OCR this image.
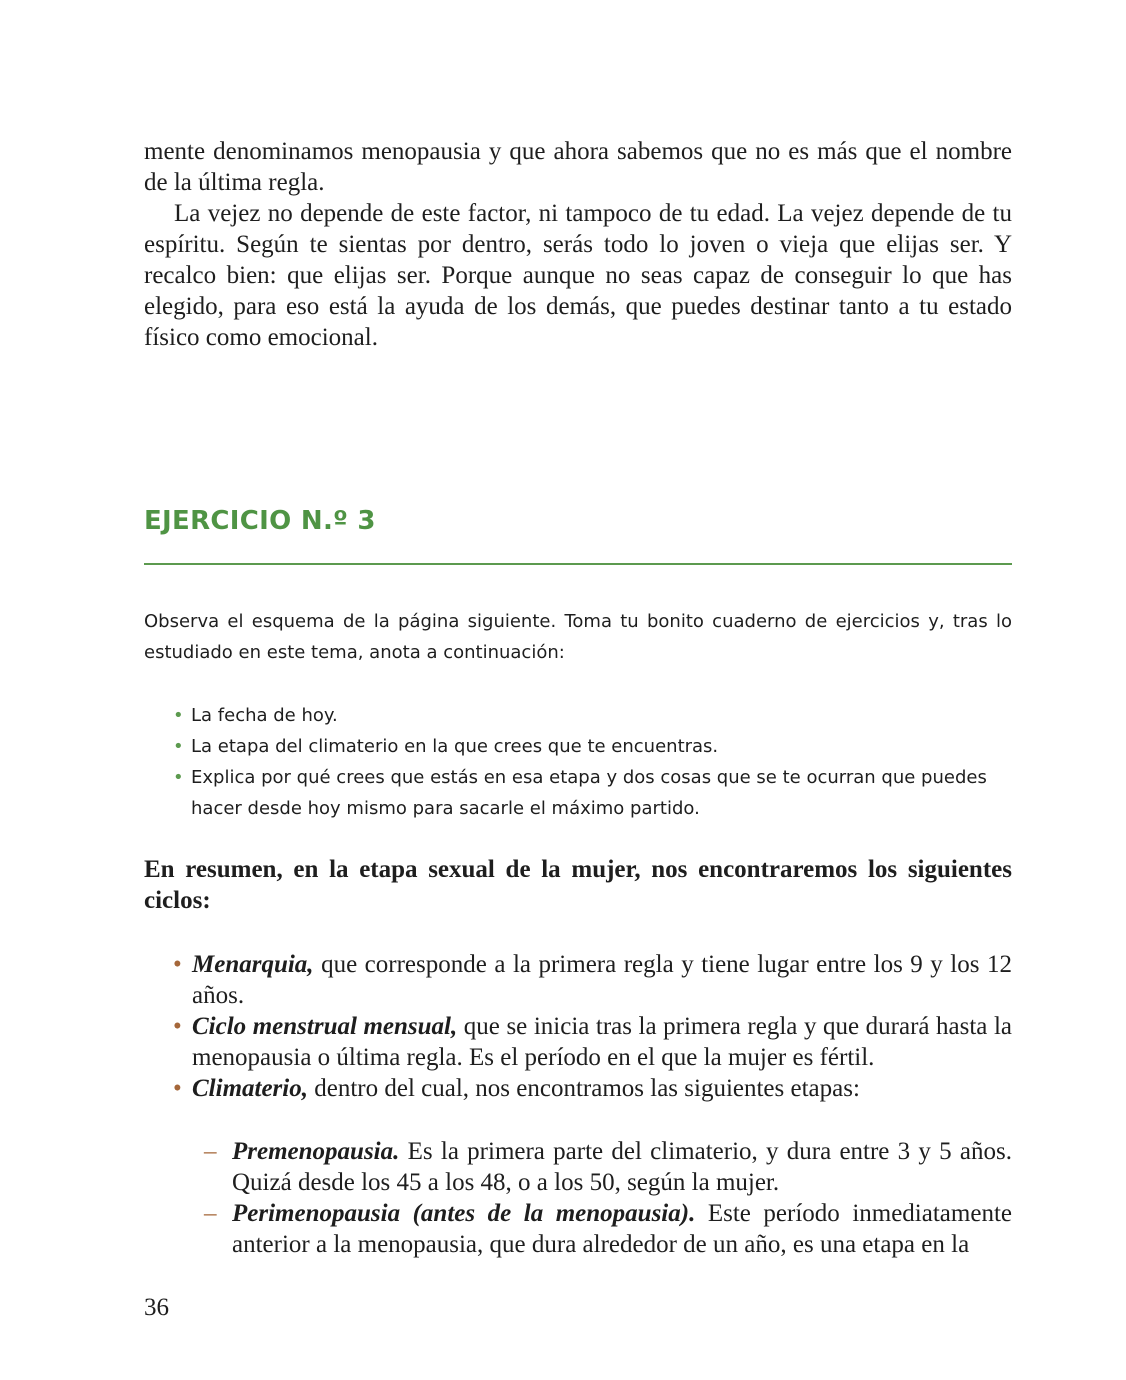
mente denominamos menopausia y que ahora sabemos que no es más que el nombre de la última regla.

La vejez no depende de este factor, ni tampoco de tu edad. La vejez depende de tu espíritu. Según te sientas por dentro, serás todo lo joven o vieja que elijas ser. Y recalco bien: que elijas ser. Porque aunque no seas capaz de conseguir lo que has elegido, para eso está la ayuda de los demás, que puedes destinar tanto a tu estado físico como emocional.

EJERCICIO N.º 3

Observa el esquema de la página siguiente. Toma tu bonito cuaderno de ejercicios y, tras lo estudiado en este tema, anota a continuación:

• La fecha de hoy.
• La etapa del climaterio en la que crees que te encuentras.
• Explica por qué crees que estás en esa etapa y dos cosas que se te ocurran que puedes hacer desde hoy mismo para sacarle el máximo partido.

En resumen, en la etapa sexual de la mujer, nos encontraremos los siguientes ciclos:

• Menarquia, que corresponde a la primera regla y tiene lugar entre los 9 y los 12 años.
• Ciclo menstrual mensual, que se inicia tras la primera regla y que durará hasta la menopausia o última regla. Es el período en el que la mujer es fértil.
• Climaterio, dentro del cual, nos encontramos las siguientes etapas:
– Premenopausia. Es la primera parte del climaterio, y dura entre 3 y 5 años. Quizá desde los 45 a los 48, o a los 50, según la mujer.
– Perimenopausia (antes de la menopausia). Este período inmediatamente anterior a la menopausia, que dura alrededor de un año, es una etapa en la
36
